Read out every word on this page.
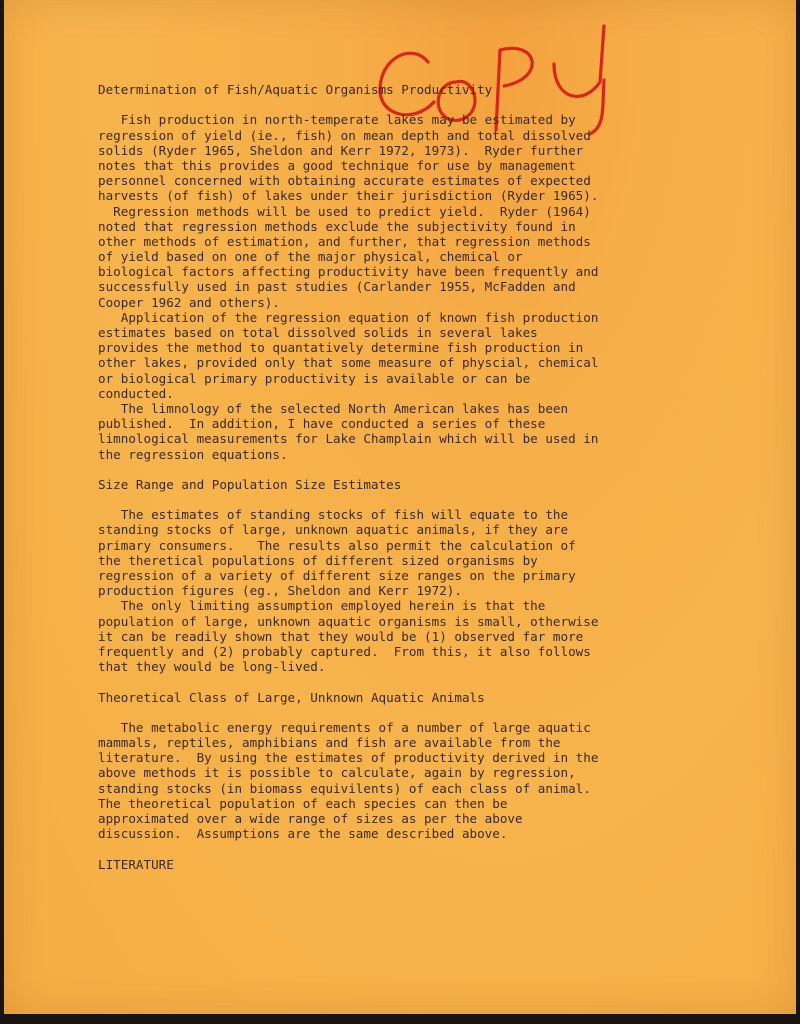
Determination of Fish/Aquatic Organisms Productivity
Fish production in north-temperate lakes may be estimated by
regression of yield (ie., fish) on mean depth and total dissolved
solids (Ryder 1965, Sheldon and Kerr 1972, 1973).  Ryder further
notes that this provides a good technique for use by management
personnel concerned with obtaining accurate estimates of expected
harvests (of fish) of lakes under their jurisdiction (Ryder 1965).
Regression methods will be used to predict yield.  Ryder (1964)
noted that regression methods exclude the subjectivity found in
other methods of estimation, and further, that regression methods
of yield based on one of the major physical, chemical or
biological factors affecting productivity have been frequently and
successfully used in past studies (Carlander 1955, McFadden and
Cooper 1962 and others).
Application of the regression equation of known fish production
estimates based on total dissolved solids in several lakes
provides the method to quantatively determine fish production in
other lakes, provided only that some measure of physcial, chemical
or biological primary productivity is available or can be
conducted.
The limnology of the selected North American lakes has been
published.  In addition, I have conducted a series of these
limnological measurements for Lake Champlain which will be used in
the regression equations.
Size Range and Population Size Estimates
The estimates of standing stocks of fish will equate to the
standing stocks of large, unknown aquatic animals, if they are
primary consumers.   The results also permit the calculation of
the theretical populations of different sized organisms by
regression of a variety of different size ranges on the primary
production figures (eg., Sheldon and Kerr 1972).
The only limiting assumption employed herein is that the
population of large, unknown aquatic organisms is small, otherwise
it can be readily shown that they would be (1) observed far more
frequently and (2) probably captured.  From this, it also follows
that they would be long-lived.
Theoretical Class of Large, Unknown Aquatic Animals
The metabolic energy requirements of a number of large aquatic
mammals, reptiles, amphibians and fish are available from the
literature.  By using the estimates of productivity derived in the
above methods it is possible to calculate, again by regression,
standing stocks (in biomass equivilents) of each class of animal.
The theoretical population of each species can then be
approximated over a wide range of sizes as per the above
discussion.  Assumptions are the same described above.
LITERATURE
